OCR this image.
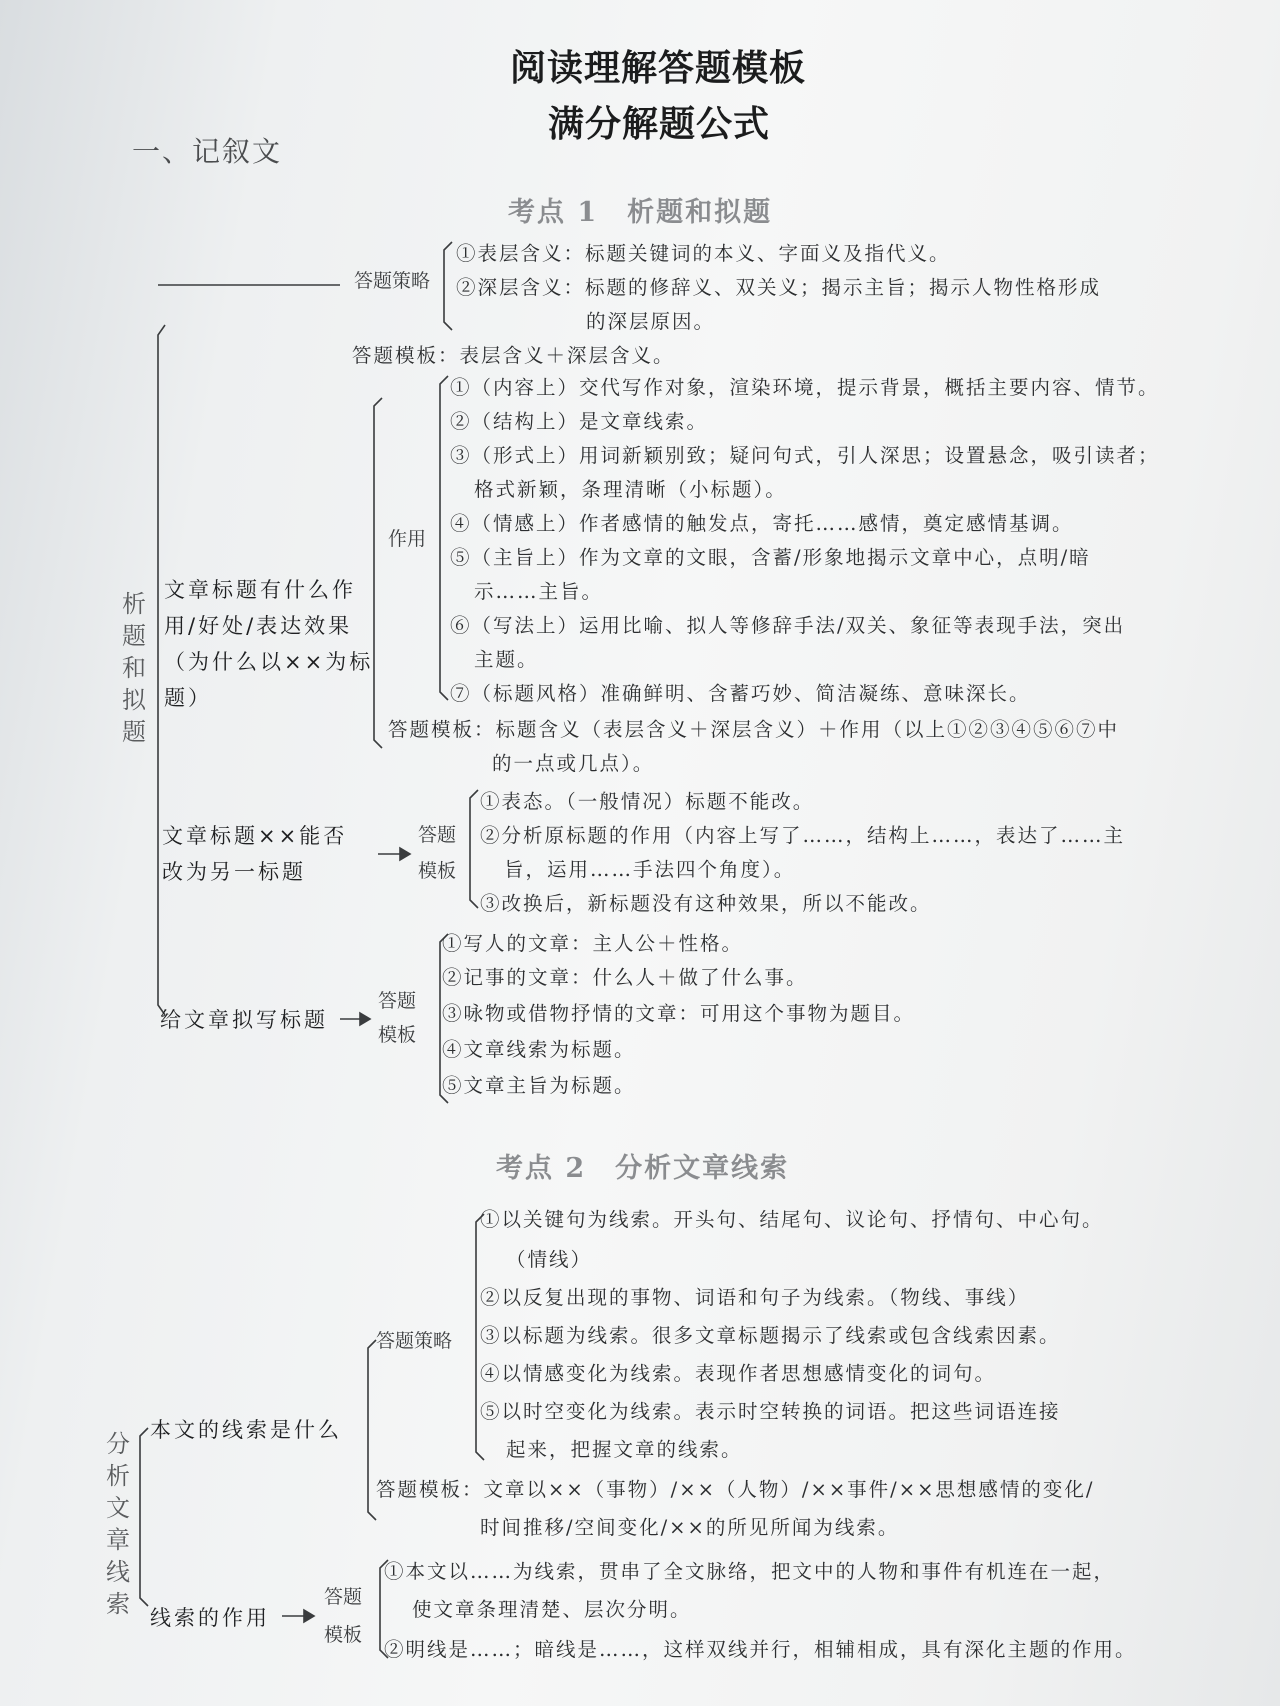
阅读理解答题模板
满分解题公式
一、记叙文
考点 1　析题和拟题
析题和拟题
答题策略
①表层含义：标题关键词的本义、字面义及指代义。
②深层含义：标题的修辞义、双关义；揭示主旨；揭示人物性格形成
的深层原因。
答题模板：表层含义＋深层含义。
文章标题有什么作
用/好处/表达效果
（为什么以××为标
题）
作用
①（内容上）交代写作对象，渲染环境，提示背景，概括主要内容、情节。
②（结构上）是文章线索。
③（形式上）用词新颖别致；疑问句式，引人深思；设置悬念，吸引读者；
格式新颖，条理清晰（小标题）。
④（情感上）作者感情的触发点，寄托……感情，奠定感情基调。
⑤（主旨上）作为文章的文眼，含蓄/形象地揭示文章中心，点明/暗
示……主旨。
⑥（写法上）运用比喻、拟人等修辞手法/双关、象征等表现手法，突出
主题。
⑦（标题风格）准确鲜明、含蓄巧妙、简洁凝练、意味深长。
答题模板：标题含义（表层含义＋深层含义）＋作用（以上①②③④⑤⑥⑦中
的一点或几点）。
文章标题××能否
改为另一标题
答题
模板
①表态。（一般情况）标题不能改。
②分析原标题的作用（内容上写了……，结构上……，表达了……主
旨，运用……手法四个角度）。
③改换后，新标题没有这种效果，所以不能改。
给文章拟写标题
答题
模板
①写人的文章：主人公＋性格。
②记事的文章：什么人＋做了什么事。
③咏物或借物抒情的文章：可用这个事物为题目。
④文章线索为标题。
⑤文章主旨为标题。
考点 2　分析文章线索
分析文章线索
本文的线索是什么
答题策略
①以关键句为线索。开头句、结尾句、议论句、抒情句、中心句。
（情线）
②以反复出现的事物、词语和句子为线索。（物线、事线）
③以标题为线索。很多文章标题揭示了线索或包含线索因素。
④以情感变化为线索。表现作者思想感情变化的词句。
⑤以时空变化为线索。表示时空转换的词语。把这些词语连接
起来，把握文章的线索。
答题模板：文章以××（事物）/××（人物）/××事件/××思想感情的变化/
时间推移/空间变化/××的所见所闻为线索。
线索的作用
答题
模板
①本文以……为线索，贯串了全文脉络，把文中的人物和事件有机连在一起，
使文章条理清楚、层次分明。
②明线是……；暗线是……，这样双线并行，相辅相成，具有深化主题的作用。
